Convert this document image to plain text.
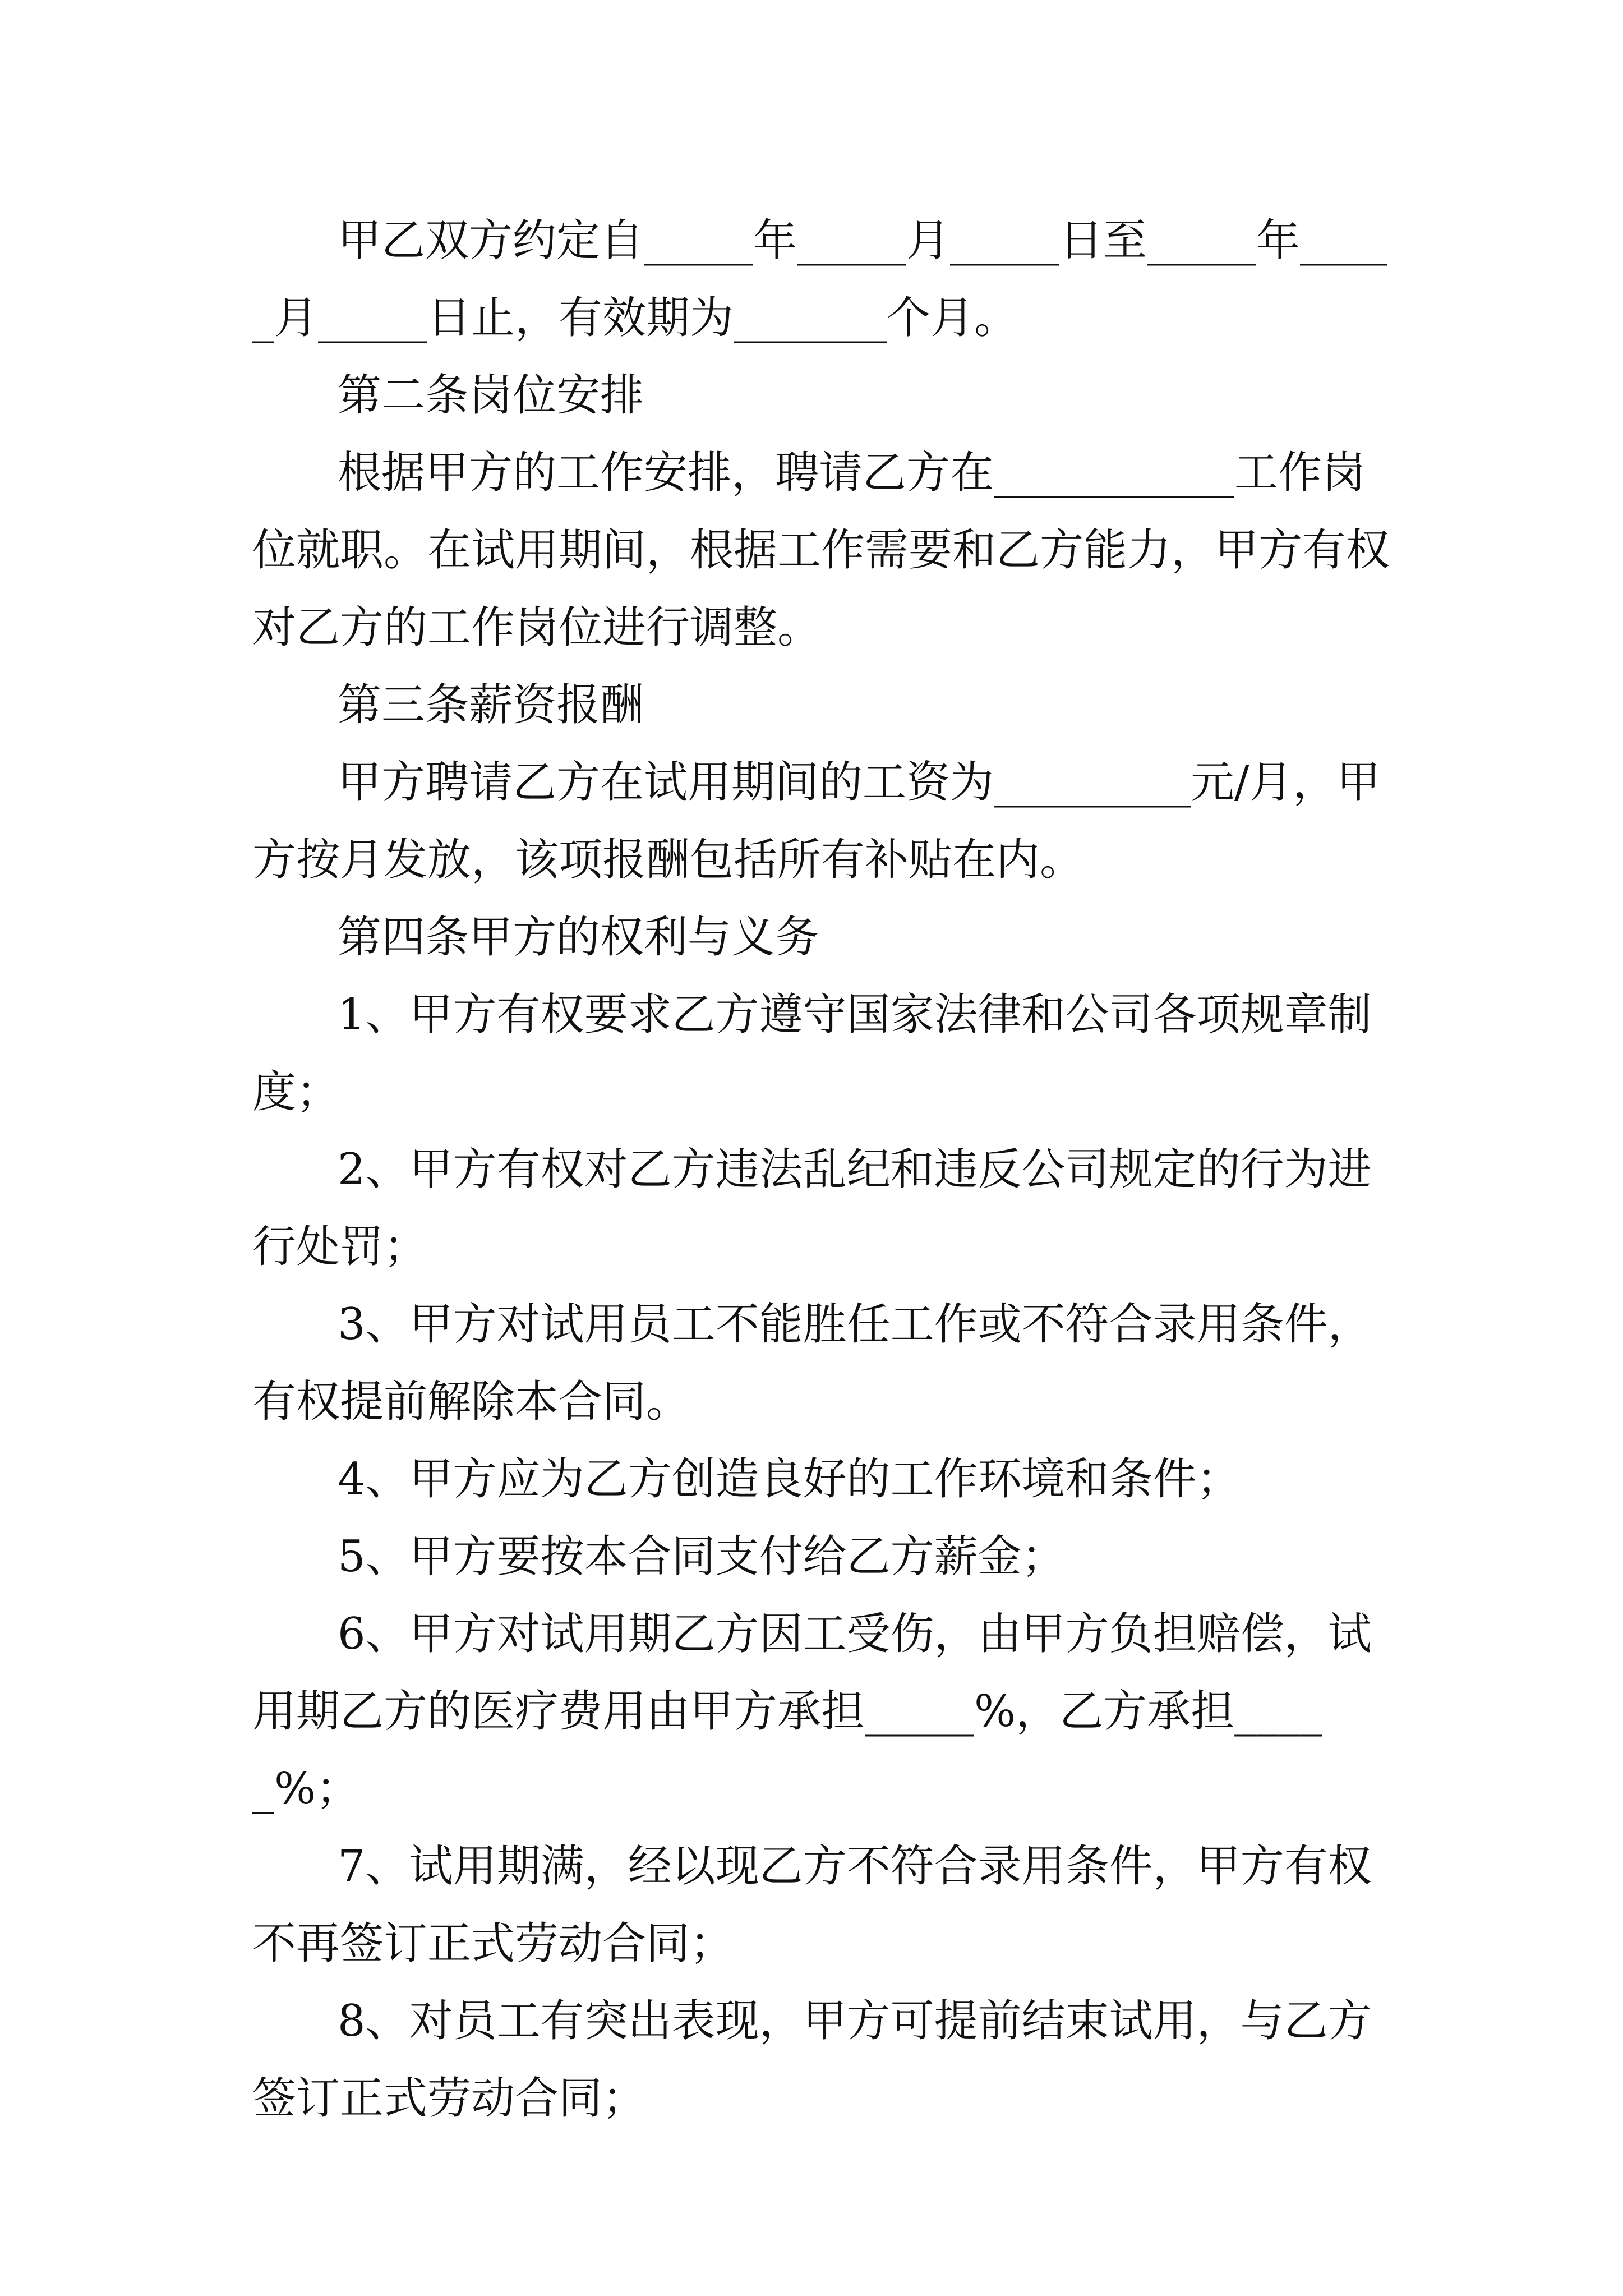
甲乙双方约定自_____年_____月_____日至_____年_____月_____日止，有效期为_______个月。

第二条岗位安排

根据甲方的工作安排，聘请乙方在___________工作岗位就职。在试用期间，根据工作需要和乙方能力，甲方有权对乙方的工作岗位进行调整。

第三条薪资报酬

甲方聘请乙方在试用期间的工资为_________元/月，甲方按月发放，该项报酬包括所有补贴在内。

第四条甲方的权利与义务

1、甲方有权要求乙方遵守国家法律和公司各项规章制度；

2、甲方有权对乙方违法乱纪和违反公司规定的行为进行处罚；

3、甲方对试用员工不能胜任工作或不符合录用条件，有权提前解除本合同。

4、甲方应为乙方创造良好的工作环境和条件；

5、甲方要按本合同支付给乙方薪金；

6、甲方对试用期乙方因工受伤，由甲方负担赔偿，试用期乙方的医疗费用由甲方承担_____%，乙方承担_____%；

7、试用期满，经以现乙方不符合录用条件，甲方有权不再签订正式劳动合同；

8、对员工有突出表现，甲方可提前结束试用，与乙方签订正式劳动合同；
